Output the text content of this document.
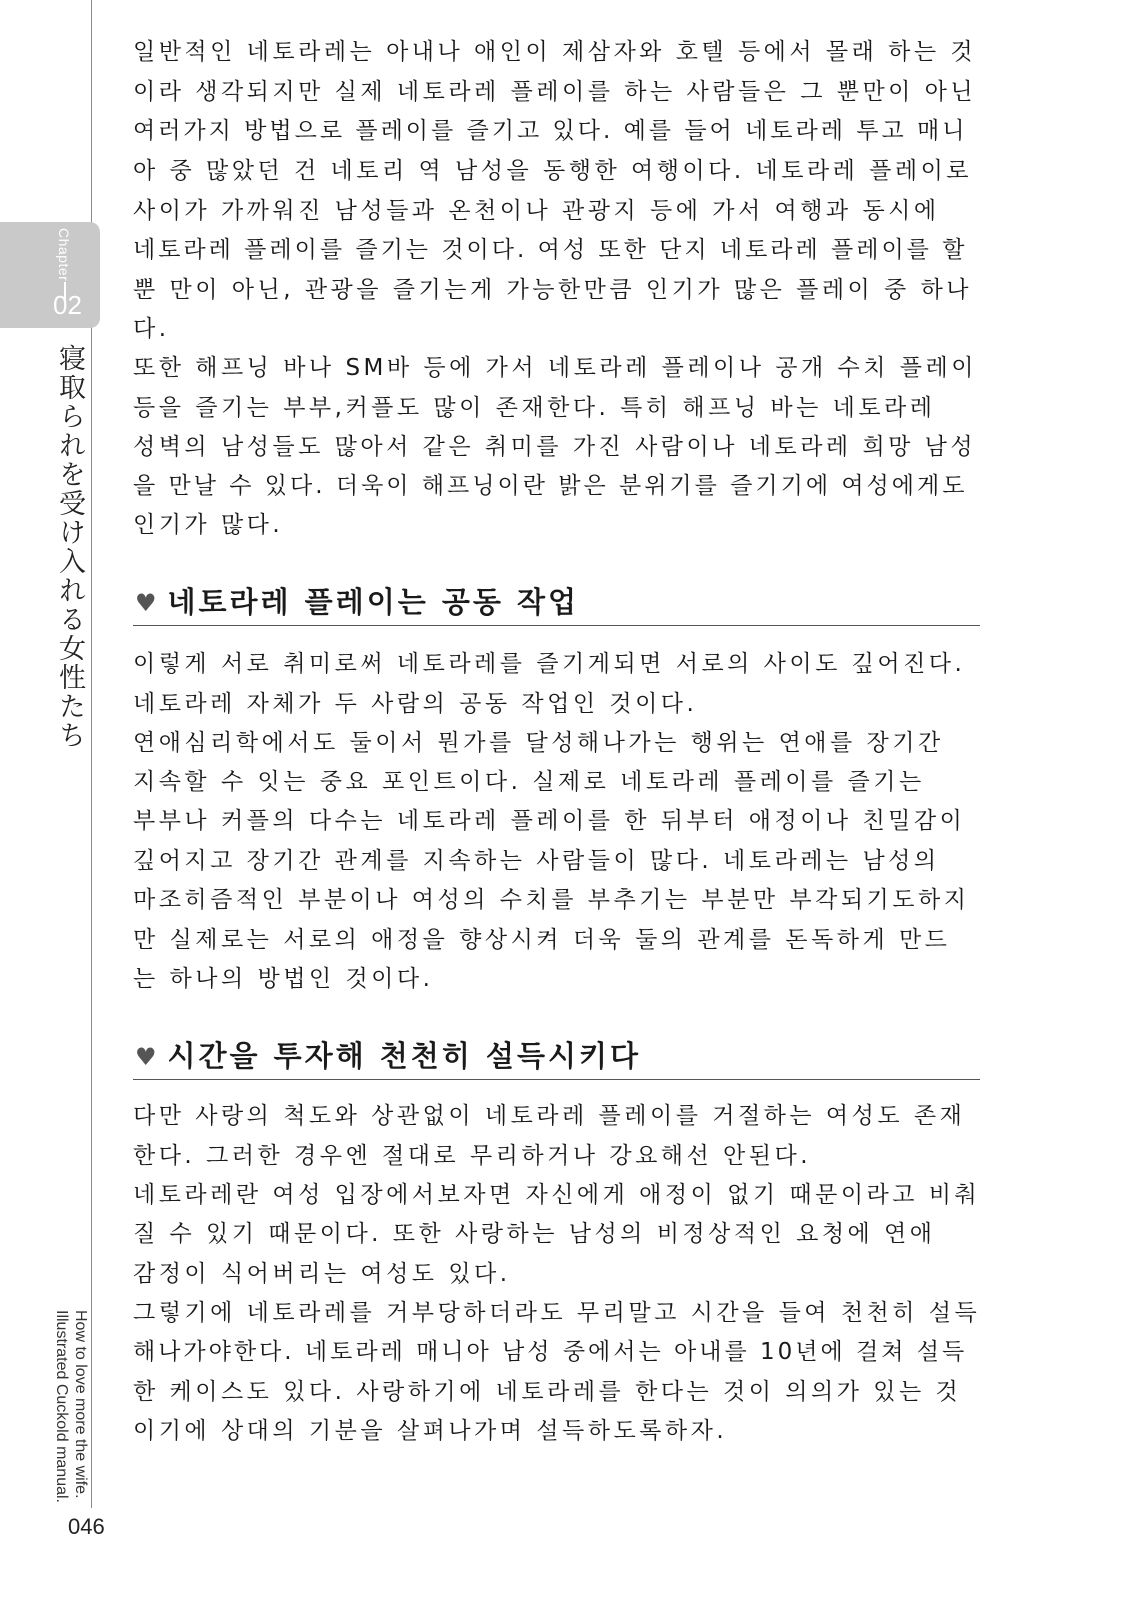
Chapter
02
寝取られを受け入れる女性たち
How to love more the wife.
Illustrated Cuckold manual.
046
일반적인 네토라레는 아내나 애인이 제삼자와 호텔 등에서 몰래 하는 것
이라 생각되지만 실제 네토라레 플레이를 하는 사람들은 그 뿐만이 아닌
여러가지 방법으로 플레이를 즐기고 있다. 예를 들어 네토라레 투고 매니
아 중 많았던 건 네토리 역 남성을 동행한 여행이다. 네토라레 플레이로
사이가 가까워진 남성들과 온천이나 관광지 등에 가서 여행과 동시에
네토라레 플레이를 즐기는 것이다. 여성 또한 단지 네토라레 플레이를 할
뿐 만이 아닌, 관광을 즐기는게 가능한만큼 인기가 많은 플레이 중 하나
다.
또한 해프닝 바나 SM바 등에 가서 네토라레 플레이나 공개 수치 플레이
등을 즐기는 부부,커플도 많이 존재한다. 특히 해프닝 바는 네토라레
성벽의 남성들도 많아서 같은 취미를 가진 사람이나 네토라레 희망 남성
을 만날 수 있다. 더욱이 해프닝이란 밝은 분위기를 즐기기에 여성에게도
인기가 많다.
♥ 네토라레 플레이는 공동 작업
이렇게 서로 취미로써 네토라레를 즐기게되면 서로의 사이도 깊어진다.
네토라레 자체가 두 사람의 공동 작업인 것이다.
연애심리학에서도 둘이서 뭔가를 달성해나가는 행위는 연애를 장기간
지속할 수 잇는 중요 포인트이다. 실제로 네토라레 플레이를 즐기는
부부나 커플의 다수는 네토라레 플레이를 한 뒤부터 애정이나 친밀감이
깊어지고 장기간 관계를 지속하는 사람들이 많다. 네토라레는 남성의
마조히즘적인 부분이나 여성의 수치를 부추기는 부분만 부각되기도하지
만 실제로는 서로의 애정을 향상시켜 더욱 둘의 관계를 돈독하게 만드
는 하나의 방법인 것이다.
♥ 시간을 투자해 천천히 설득시키다
다만 사랑의 척도와 상관없이 네토라레 플레이를 거절하는 여성도 존재
한다. 그러한 경우엔 절대로 무리하거나 강요해선 안된다.
네토라레란 여성 입장에서보자면 자신에게 애정이 없기 때문이라고 비춰
질 수 있기 때문이다. 또한 사랑하는 남성의 비정상적인 요청에 연애
감정이 식어버리는 여성도 있다.
그렇기에 네토라레를 거부당하더라도 무리말고 시간을 들여 천천히 설득
해나가야한다. 네토라레 매니아 남성 중에서는 아내를 10년에 걸쳐 설득
한 케이스도 있다. 사랑하기에 네토라레를 한다는 것이 의의가 있는 것
이기에 상대의 기분을 살펴나가며 설득하도록하자.
